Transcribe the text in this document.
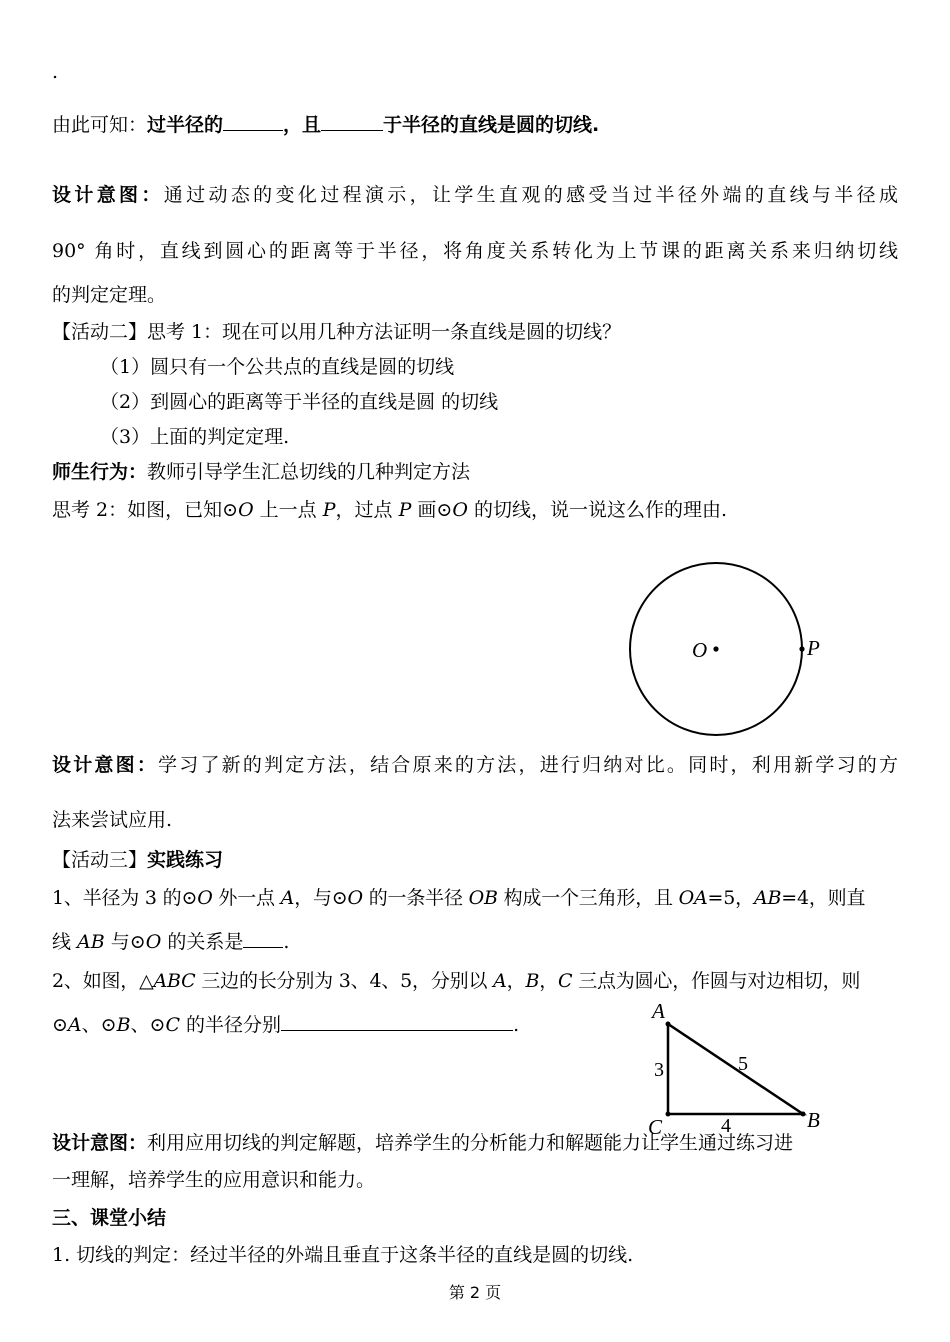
.
由此可知：过半径的	，且	于半径的直线是圆的切线.
设计意图：通过动态的变化过程演示，让学生直观的感受当过半径外端的直线与半径成
90° 角时，直线到圆心的距离等于半径，将角度关系转化为上节课的距离关系来归纳切线
的判定定理。
【活动二】思考 1：现在可以用几种方法证明一条直线是圆的切线？
（1）圆只有一个公共点的直线是圆的切线
（2）到圆心的距离等于半径的直线是圆 的切线
（3）上面的判定定理.
师生行为：教师引导学生汇总切线的几种判定方法
思考 2：如图，已知⊙O 上一点 P，过点 P 画⊙O 的切线，说一说这么作的理由.
O	P
设计意图：学习了新的判定方法，结合原来的方法，进行归纳对比。同时，利用新学习的方
法来尝试应用.
【活动三】实践练习
1、半径为 3 的⊙O 外一点 A，与⊙O 的一条半径 OB 构成一个三角形，且 OA=5，AB=4，则直
线 AB 与⊙O 的关系是 .
2、如图，△ABC 三边的长分别为 3、4、5，分别以 A，B，C 三点为圆心，作圆与对边相切，则
⊙A、⊙B、⊙C 的半径分别	.
A
C	B
3	5
4
设计意图：利用应用切线的判定解题，培养学生的分析能力和解题能力让学生通过练习进
一理解，培养学生的应用意识和能力。
三、课堂小结
1. 切线的判定：经过半径的外端且垂直于这条半径的直线是圆的切线.
第 2 页
